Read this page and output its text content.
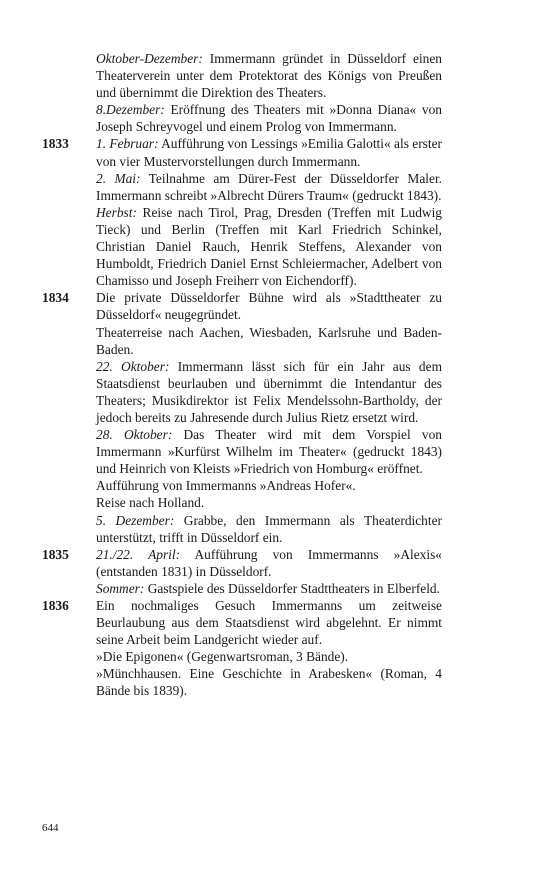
Oktober-Dezember: Immermann gründet in Düsseldorf einen Theaterverein unter dem Protektorat des Königs von Preußen und übernimmt die Direktion des Theaters.

8.Dezember: Eröffnung des Theaters mit »Donna Diana« von Joseph Schreyvogel und einem Prolog von Immermann.

1833	1. Februar: Aufführung von Lessings »Emilia Galotti« als erster von vier Mustervorstellungen durch Immermann.

2. Mai: Teilnahme am Dürer-Fest der Düsseldorfer Maler. Immermann schreibt »Albrecht Dürers Traum« (gedruckt 1843).

Herbst: Reise nach Tirol, Prag, Dresden (Treffen mit Ludwig Tieck) und Berlin (Treffen mit Karl Friedrich Schinkel, Christian Daniel Rauch, Henrik Steffens, Alexander von Humboldt, Friedrich Daniel Ernst Schleiermacher, Adelbert von Chamisso und Joseph Freiherr von Eichendorff).

1834	Die private Düsseldorfer Bühne wird als »Stadttheater zu Düsseldorf« neugegründet.

Theaterreise nach Aachen, Wiesbaden, Karlsruhe und Baden-Baden.

22. Oktober: Immermann lässt sich für ein Jahr aus dem Staatsdienst beurlauben und übernimmt die Intendantur des Theaters; Musikdirektor ist Felix Mendelssohn-Bartholdy, der jedoch bereits zu Jahresende durch Julius Rietz ersetzt wird.

28. Oktober: Das Theater wird mit dem Vorspiel von Immermann »Kurfürst Wilhelm im Theater« (gedruckt 1843) und Heinrich von Kleists »Friedrich von Homburg« eröffnet.

Aufführung von Immermanns »Andreas Hofer«.

Reise nach Holland.

5. Dezember: Grabbe, den Immermann als Theaterdichter unterstützt, trifft in Düsseldorf ein.

1835	21./22. April: Aufführung von Immermanns »Alexis« (entstanden 1831) in Düsseldorf.

Sommer: Gastspiele des Düsseldorfer Stadttheaters in Elberfeld.

1836	Ein nochmaliges Gesuch Immermanns um zeitweise Beurlaubung aus dem Staatsdienst wird abgelehnt. Er nimmt seine Arbeit beim Landgericht wieder auf.

»Die Epigonen« (Gegenwartsroman, 3 Bände).

»Münchhausen. Eine Geschichte in Arabesken« (Roman, 4 Bände bis 1839).

644
